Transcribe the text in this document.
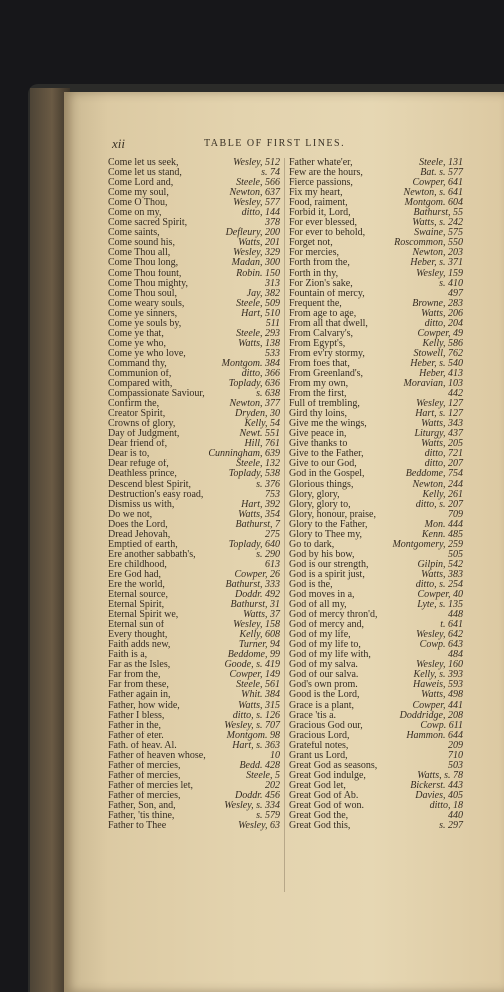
xii	TABLE OF FIRST LINES.
Come let us seek,	Wesley, 512
Come let us stand,	s. 74
Come Lord and,	Steele, 566
Come my soul,	Newton, 637
Come O Thou,	Wesley, 577
Come on my,	ditto, 144
Come sacred Spirit,	378
Come saints,	Defleury, 200
Come sound his,	Watts, 201
Come Thou all,	Wesley, 329
Come Thou long,	Madan, 300
Come Thou fount,	Robin. 150
Come Thou mighty,	313
Come Thou soul,	Jay, 382
Come weary souls,	Steele, 509
Come ye sinners,	Hart, 510
Come ye souls by,	511
Come ye that,	Steele, 293
Come ye who,	Watts, 138
Come ye who love,	533
Command thy,	Montgom. 384
Communion of,	ditto, 366
Compared with,	Toplady, 636
Compassionate Saviour,	s. 638
Confirm the,	Newton, 377
Creator Spirit,	Dryden, 30
Crowns of glory,	Kelly, 54
Day of Judgment,	Newt. 551
Dear friend of,	Hill, 761
Dear is to,	Cunningham, 639
Dear refuge of,	Steele, 132
Deathless prince,	Toplady, 538
Descend blest Spirit,	s. 376
Destruction's easy road,	753
Dismiss us with,	Hart, 392
Do we not,	Watts, 354
Does the Lord,	Bathurst, 7
Dread Jehovah,	275
Emptied of earth,	Toplady, 640
Ere another sabbath's,	s. 290
Ere childhood,	613
Ere God had,	Cowper, 26
Ere the world,	Bathurst, 333
Eternal source,	Doddr. 492
Eternal Spirit,	Bathurst, 31
Eternal Spirit we,	Watts, 37
Eternal sun of	Wesley, 158
Every thought,	Kelly, 608
Faith adds new,	Turner, 94
Faith is a,	Beddome, 99
Far as the Isles,	Goode, s. 419
Far from the,	Cowper, 149
Far from these,	Steele, 561
Father again in,	Whit. 384
Father, how wide,	Watts, 315
Father I bless,	ditto, s. 126
Father in the,	Wesley, s. 707
Father of eter.	Montgom. 98
Fath. of heav. Al.	Hart, s. 363
Father of heaven whose,	10
Father of mercies,	Bedd. 428
Father of mercies,	Steele, 5
Father of mercies let,	202
Father of mercies,	Doddr. 456
Father, Son, and,	Wesley, s. 334
Father, 'tis thine,	s. 579
Father to Thee	Wesley, 63
Father whate'er,	Steele, 131
Few are the hours,	Bat. s. 577
Fierce passions,	Cowper, 641
Fix my heart,	Newton, s. 641
Food, raiment,	Montgom. 604
Forbid it, Lord,	Bathurst, 55
For ever blessed,	Watts, s. 242
For ever to behold,	Swaine, 575
Forget not,	Roscommon, 550
For mercies,	Newton, 203
Forth from the,	Heber, s. 371
Forth in thy,	Wesley, 159
For Zion's sake,	s. 410
Fountain of mercy,	497
Frequent the,	Browne, 283
From age to age,	Watts, 206
From all that dwell,	ditto, 204
From Calvary's,	Cowper, 49
From Egypt's,	Kelly, 586
From ev'ry stormy,	Stowell, 762
From foes that,	Heber, s. 540
From Greenland's,	Heber, 413
From my own,	Moravian, 103
From the first,	442
Full of trembling,	Wesley, 127
Gird thy loins,	Hart, s. 127
Give me the wings,	Watts, 343
Give peace in,	Liturgy, 437
Give thanks to	Watts, 205
Give to the Father,	ditto, 721
Give to our God,	ditto, 207
God in the Gospel,	Beddome, 754
Glorious things,	Newton, 244
Glory, glory,	Kelly, 261
Glory, glory to,	ditto, s. 207
Glory, honour, praise,	709
Glory to the Father,	Mon. 444
Glory to Thee my,	Kenn. 485
Go to dark,	Montgomery, 259
God by his bow,	505
God is our strength,	Gilpin, 542
God is a spirit just,	Watts, 383
God is the,	ditto, s. 254
God moves in a,	Cowper, 40
God of all my,	Lyte, s. 135
God of mercy thron'd,	448
God of mercy and,	t. 641
God of my life,	Wesley, 642
God of my life to,	Cowp. 643
God of my life with,	484
God of my salva.	Wesley, 160
God of our salva.	Kelly, s. 393
God's own prom.	Haweis, 593
Good is the Lord,	Watts, 498
Grace is a plant,	Cowper, 441
Grace 'tis a.	Doddridge, 208
Gracious God our,	Cowp. 611
Gracious Lord,	Hammon. 644
Grateful notes,	209
Grant us Lord,	710
Great God as seasons,	503
Great God indulge,	Watts, s. 78
Great God let,	Bickerst. 443
Great God of Ab.	Davies, 405
Great God of won.	ditto, 18
Great God the,	440
Great God this,	s. 297
